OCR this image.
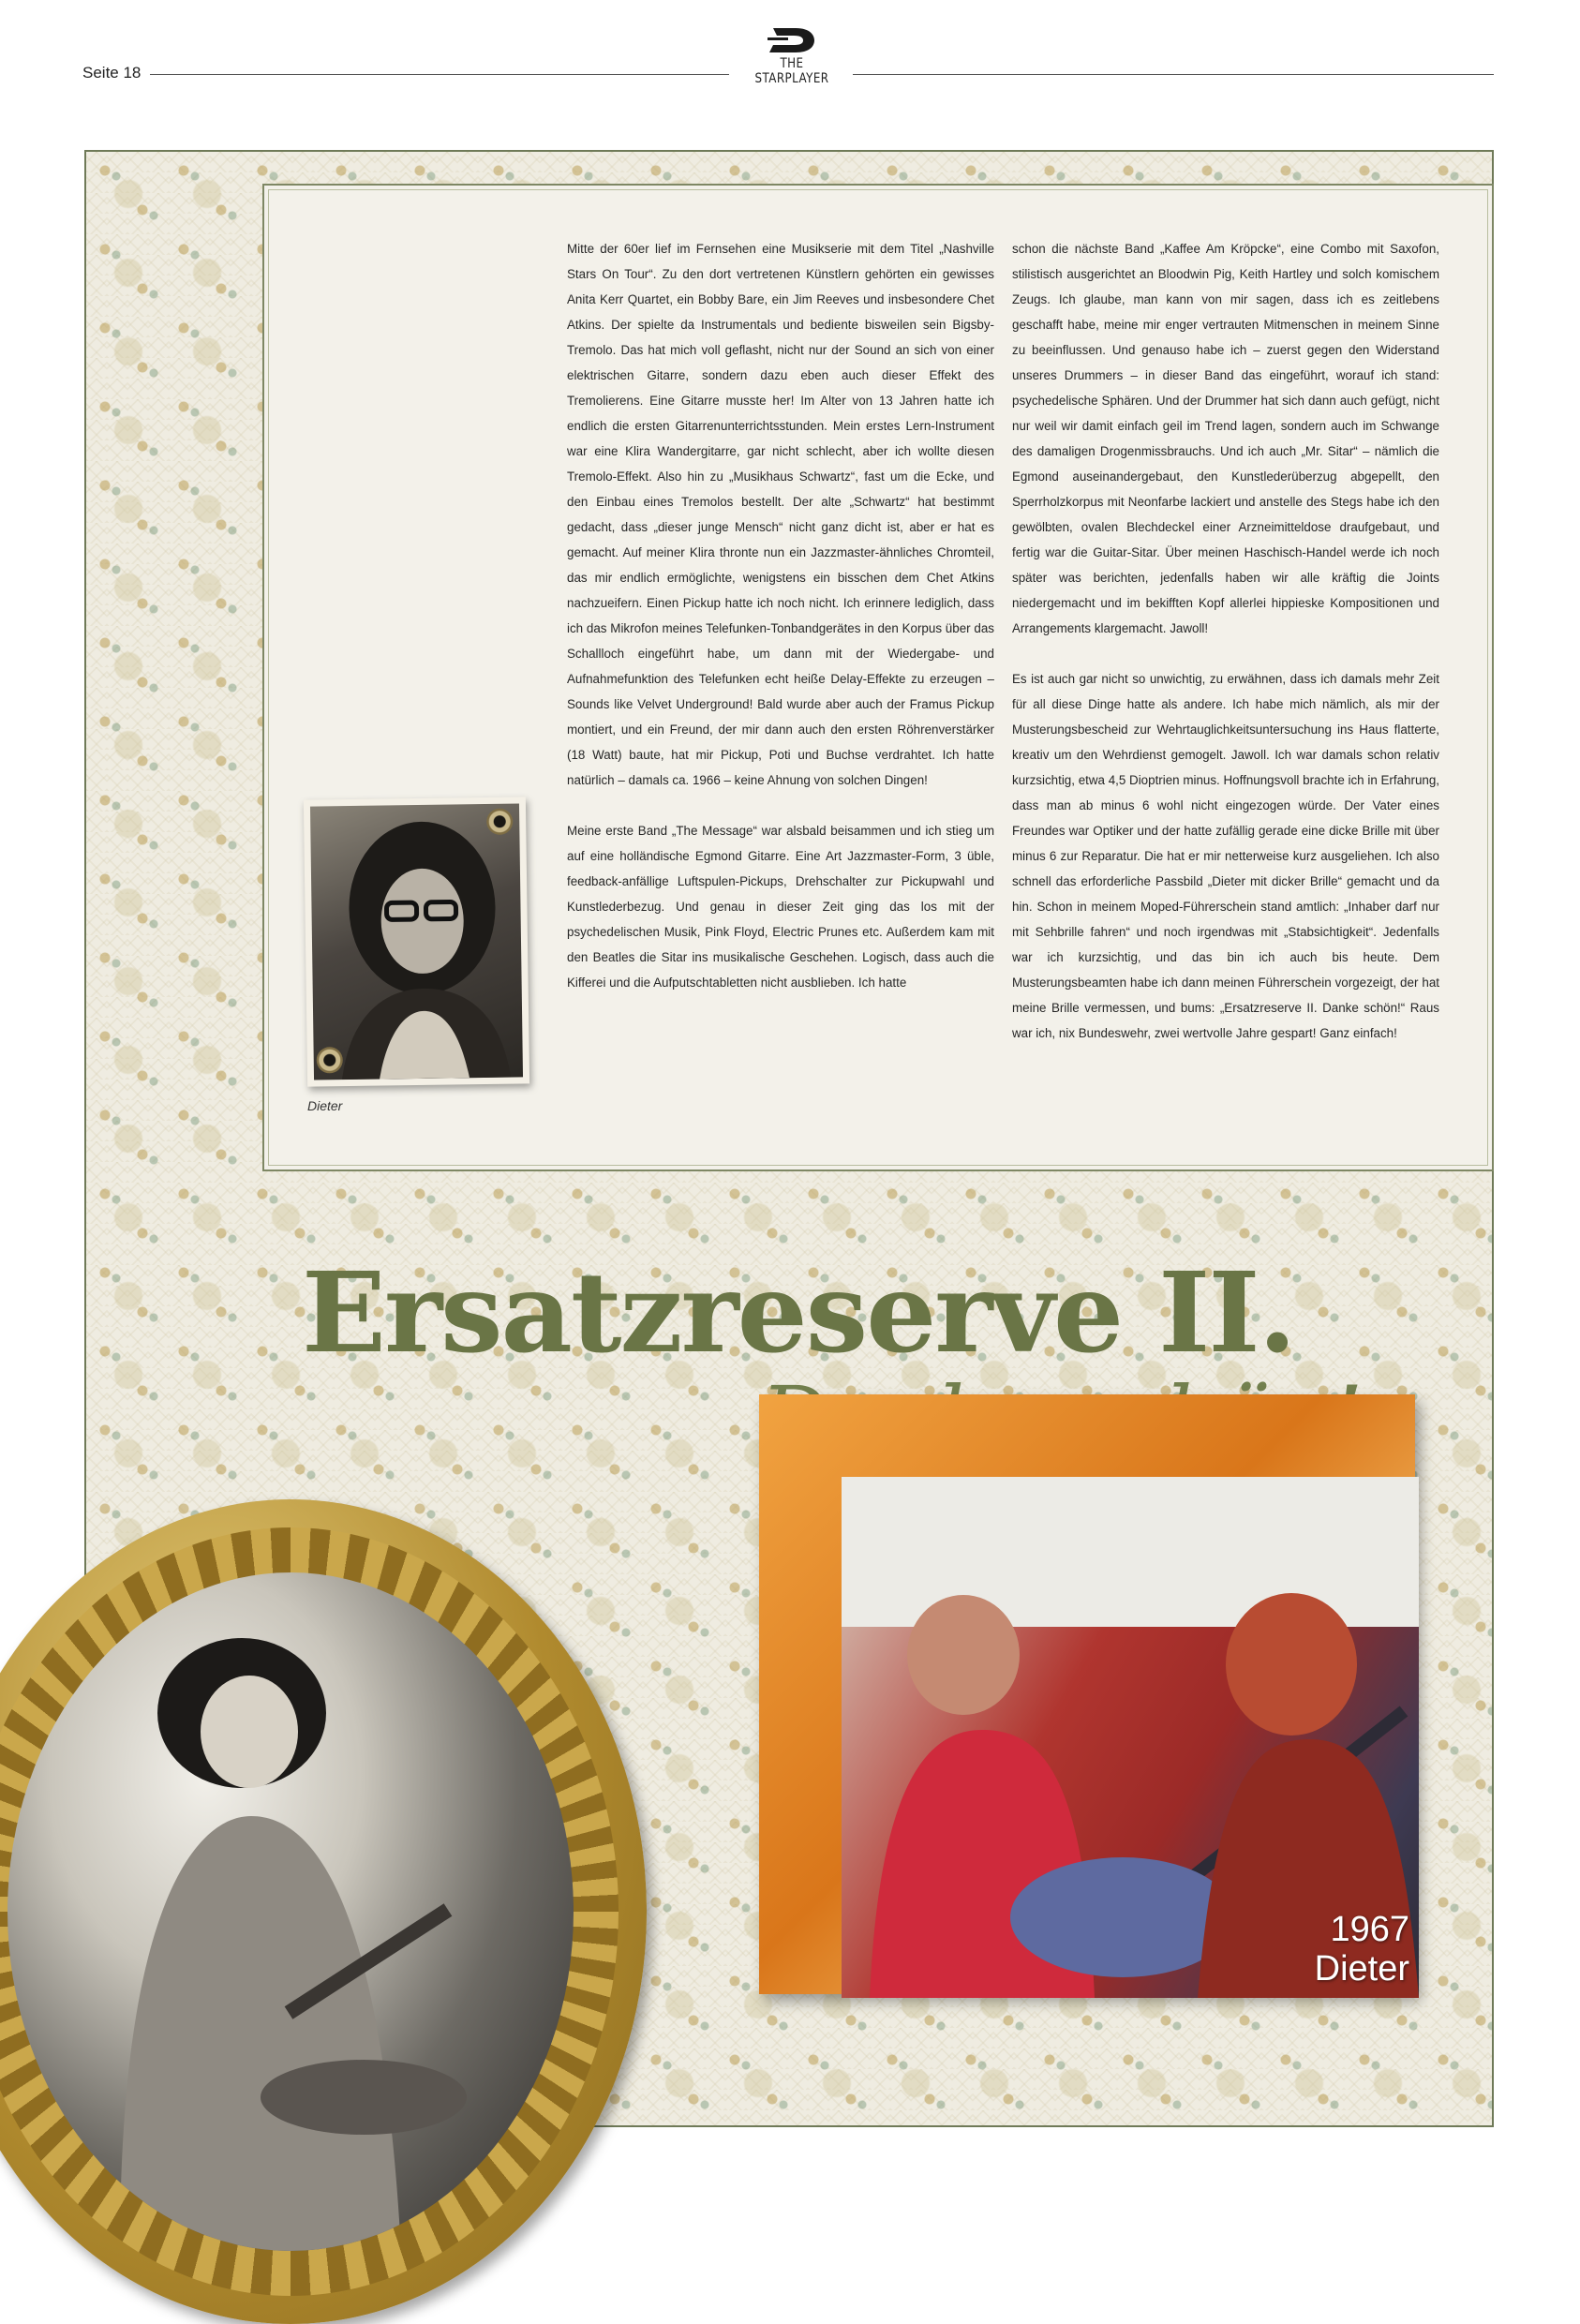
Seite 18	THE STARPLAYER

Mitte der 60er lief im Fernsehen eine Musikserie mit dem Titel „Nashville Stars On Tour“. Zu den dort vertretenen Künstlern gehörten ein gewisses Anita Kerr Quartet, ein Bobby Bare, ein Jim Reeves und insbesondere Chet Atkins. Der spielte da Instrumentals und bediente bisweilen sein Bigsby-Tremolo. Das hat mich voll geflasht, nicht nur der Sound an sich von einer elektrischen Gitarre, sondern dazu eben auch dieser Effekt des Tremolierens. Eine Gitarre musste her! Im Alter von 13 Jahren hatte ich endlich die ersten Gitarrenunterrichtsstunden. Mein erstes Lern-Instrument war eine Klira Wandergitarre, gar nicht schlecht, aber ich wollte diesen Tremolo-Effekt. Also hin zu „Musikhaus Schwartz“, fast um die Ecke, und den Einbau eines Tremolos bestellt. Der alte „Schwartz“ hat bestimmt gedacht, dass „dieser junge Mensch“ nicht ganz dicht ist, aber er hat es gemacht. Auf meiner Klira thronte nun ein Jazzmaster-ähnliches Chromteil, das mir endlich ermöglichte, wenigstens ein bisschen dem Chet Atkins nachzueifern. Einen Pickup hatte ich noch nicht. Ich erinnere lediglich, dass ich das Mikrofon meines Telefunken-Tonbandgerätes in den Korpus über das Schallloch eingeführt habe, um dann mit der Wiedergabe- und Aufnahmefunktion des Telefunken echt heiße Delay-Effekte zu erzeugen – Sounds like Velvet Underground! Bald wurde aber auch der Framus Pickup montiert, und ein Freund, der mir dann auch den ersten Röhrenverstärker (18 Watt) baute, hat mir Pickup, Poti und Buchse verdrahtet. Ich hatte natürlich – damals ca. 1966 – keine Ahnung von solchen Dingen!

Meine erste Band „The Message“ war alsbald beisammen und ich stieg um auf eine holländische Egmond Gitarre. Eine Art Jazzmaster-Form, 3 üble, feedback-anfällige Luftspulen-Pickups, Drehschalter zur Pickupwahl und Kunstlederbezug. Und genau in dieser Zeit ging das los mit der psychedelischen Musik, Pink Floyd, Electric Prunes etc. Außerdem kam mit den Beatles die Sitar ins musikalische Geschehen. Logisch, dass auch die Kifferei und die Aufputschtabletten nicht ausblieben. Ich hatte

schon die nächste Band „Kaffee Am Kröpcke“, eine Combo mit Saxofon, stilistisch ausgerichtet an Bloodwin Pig, Keith Hartley und solch komischem Zeugs. Ich glaube, man kann von mir sagen, dass ich es zeitlebens geschafft habe, meine mir enger vertrauten Mitmenschen in meinem Sinne zu beeinflussen. Und genauso habe ich – zuerst gegen den Widerstand unseres Drummers – in dieser Band das eingeführt, worauf ich stand: psychedelische Sphären. Und der Drummer hat sich dann auch gefügt, nicht nur weil wir damit einfach geil im Trend lagen, sondern auch im Schwange des damaligen Drogenmissbrauchs. Und ich auch „Mr. Sitar“ – nämlich die Egmond auseinandergebaut, den Kunstlederüberzug abgepellt, den Sperrholzkorpus mit Neonfarbe lackiert und anstelle des Stegs habe ich den gewölbten, ovalen Blechdeckel einer Arzneimitteldose draufgebaut, und fertig war die Guitar-Sitar. Über meinen Haschisch-Handel werde ich noch später was berichten, jedenfalls haben wir alle kräftig die Joints niedergemacht und im bekifften Kopf allerlei hippieske Kompositionen und Arrangements klargemacht. Jawoll!

Es ist auch gar nicht so unwichtig, zu erwähnen, dass ich damals mehr Zeit für all diese Dinge hatte als andere. Ich habe mich nämlich, als mir der Musterungsbescheid zur Wehrtauglichkeitsuntersuchung ins Haus flatterte, kreativ um den Wehrdienst gemogelt. Jawoll. Ich war damals schon relativ kurzsichtig, etwa 4,5 Dioptrien minus. Hoffnungsvoll brachte ich in Erfahrung, dass man ab minus 6 wohl nicht eingezogen würde. Der Vater eines Freundes war Optiker und der hatte zufällig gerade eine dicke Brille mit über minus 6 zur Reparatur. Die hat er mir netterweise kurz ausgeliehen. Ich also schnell das erforderliche Passbild „Dieter mit dicker Brille“ gemacht und da hin. Schon in meinem Moped-Führerschein stand amtlich: „Inhaber darf nur mit Sehbrille fahren“ und noch irgendwas mit „Stabsichtigkeit“. Jedenfalls war ich kurzsichtig, und das bin ich auch bis heute. Dem Musterungsbeamten habe ich dann meinen Führerschein vorgezeigt, der hat meine Brille vermessen, und bums: „Ersatzreserve II. Danke schön!“ Raus war ich, nix Bundeswehr, zwei wertvolle Jahre gespart! Ganz einfach!

Dieter
Ersatzreserve II.
1967
Dieter
